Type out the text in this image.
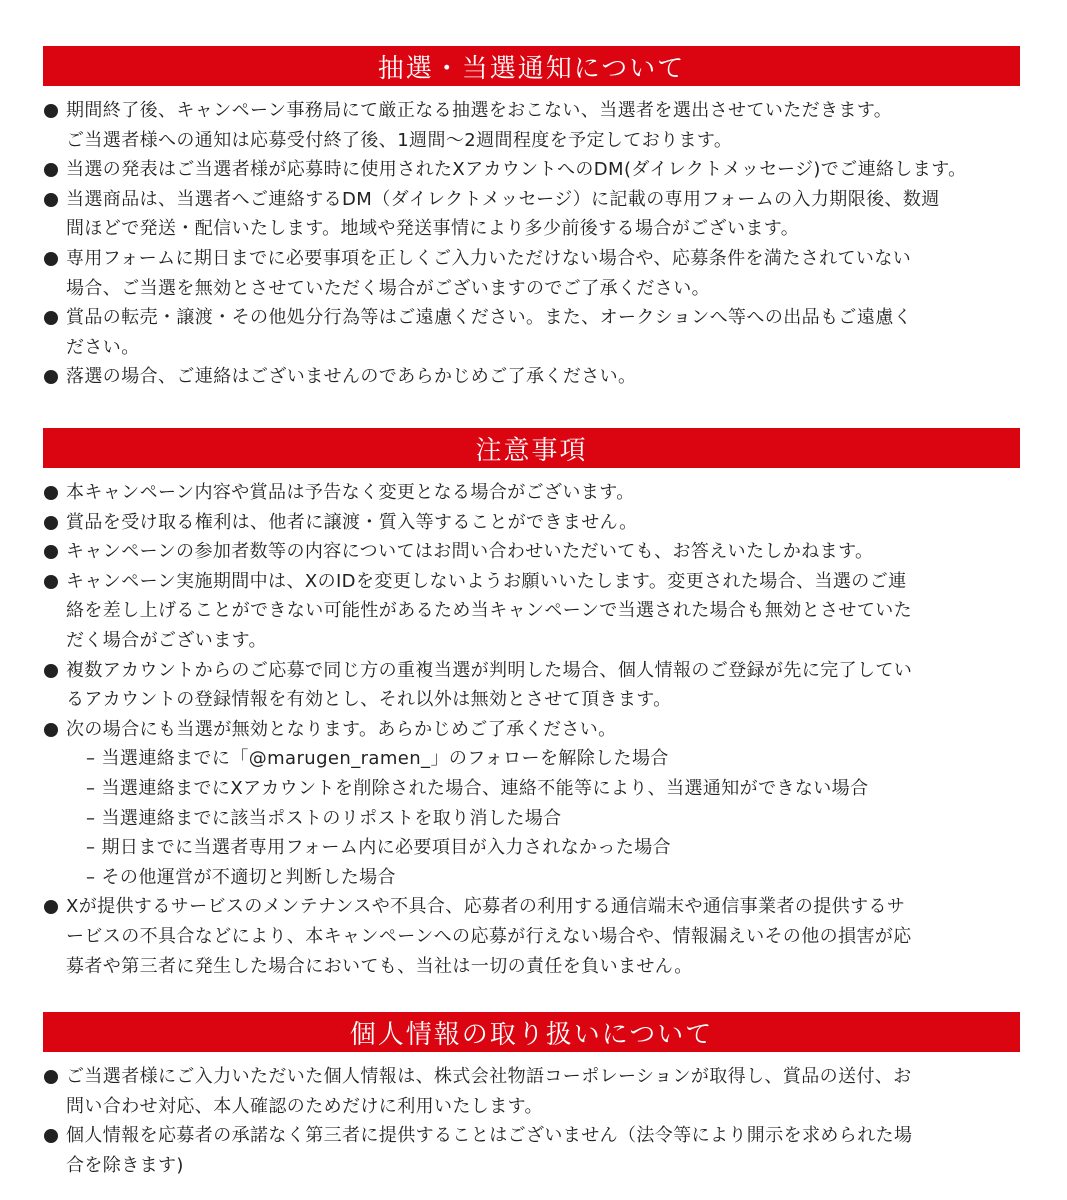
抽選・当選通知について
期間終了後、キャンペーン事務局にて厳正なる抽選をおこない、当選者を選出させていただきます。
ご当選者様への通知は応募受付終了後、1週間～2週間程度を予定しております。
当選の発表はご当選者様が応募時に使用されたXアカウントへのDM(ダイレクトメッセージ)でご連絡します。
当選商品は、当選者へご連絡するDM（ダイレクトメッセージ）に記載の専用フォームの入力期限後、数週
間ほどで発送・配信いたします。地域や発送事情により多少前後する場合がございます。
専用フォームに期日までに必要事項を正しくご入力いただけない場合や、応募条件を満たされていない
場合、ご当選を無効とさせていただく場合がございますのでご了承ください。
賞品の転売・譲渡・その他処分行為等はご遠慮ください。また、オークションへ等への出品もご遠慮く
ださい。
落選の場合、ご連絡はございませんのであらかじめご了承ください。
注意事項
本キャンペーン内容や賞品は予告なく変更となる場合がございます。
賞品を受け取る権利は、他者に譲渡・質入等することができません。
キャンペーンの参加者数等の内容についてはお問い合わせいただいても、お答えいたしかねます。
キャンペーン実施期間中は、XのIDを変更しないようお願いいたします。変更された場合、当選のご連
絡を差し上げることができない可能性があるため当キャンペーンで当選された場合も無効とさせていた
だく場合がございます。
複数アカウントからのご応募で同じ方の重複当選が判明した場合、個人情報のご登録が先に完了してい
るアカウントの登録情報を有効とし、それ以外は無効とさせて頂きます。
次の場合にも当選が無効となります。あらかじめご了承ください。
– 当選連絡までに「@marugen_ramen_」のフォローを解除した場合
– 当選連絡までにXアカウントを削除された場合、連絡不能等により、当選通知ができない場合
– 当選連絡までに該当ポストのリポストを取り消した場合
– 期日までに当選者専用フォーム内に必要項目が入力されなかった場合
– その他運営が不適切と判断した場合
Xが提供するサービスのメンテナンスや不具合、応募者の利用する通信端末や通信事業者の提供するサ
ービスの不具合などにより、本キャンペーンへの応募が行えない場合や、情報漏えいその他の損害が応
募者や第三者に発生した場合においても、当社は一切の責任を負いません。
個人情報の取り扱いについて
ご当選者様にご入力いただいた個人情報は、株式会社物語コーポレーションが取得し、賞品の送付、お
問い合わせ対応、本人確認のためだけに利用いたします。
個人情報を応募者の承諾なく第三者に提供することはございません（法令等により開示を求められた場
合を除きます)
